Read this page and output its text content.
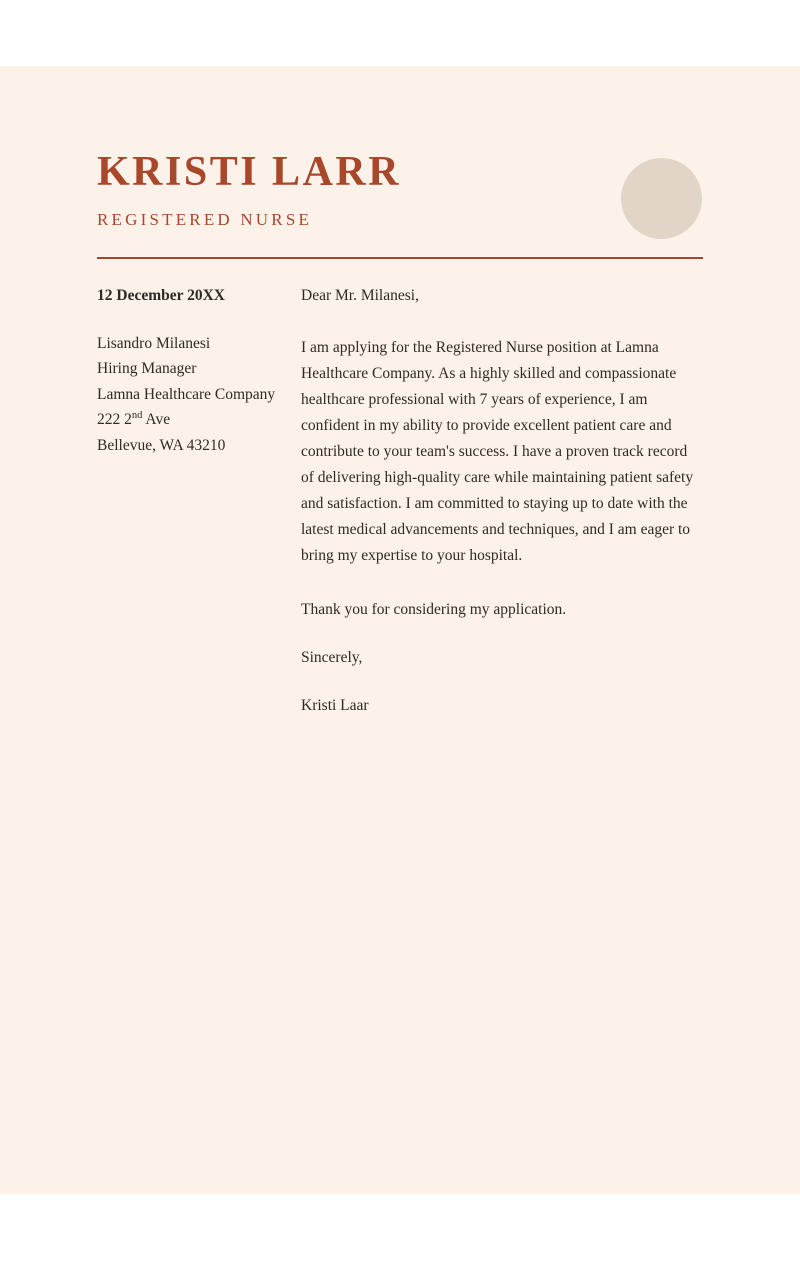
KRISTI LARR
REGISTERED NURSE

12 December 20XX

Lisandro Milanesi

Hiring Manager

Lamna Healthcare Company

222 2nd Ave

Bellevue, WA 43210

Dear Mr. Milanesi,

I am applying for the Registered Nurse position at Lamna Healthcare Company. As a highly skilled and compassionate healthcare professional with 7 years of experience, I am confident in my ability to provide excellent patient care and contribute to your team's success. I have a proven track record of delivering high-quality care while maintaining patient safety and satisfaction. I am committed to staying up to date with the latest medical advancements and techniques, and I am eager to bring my expertise to your hospital.

Thank you for considering my application.

Sincerely,

Kristi Laar
